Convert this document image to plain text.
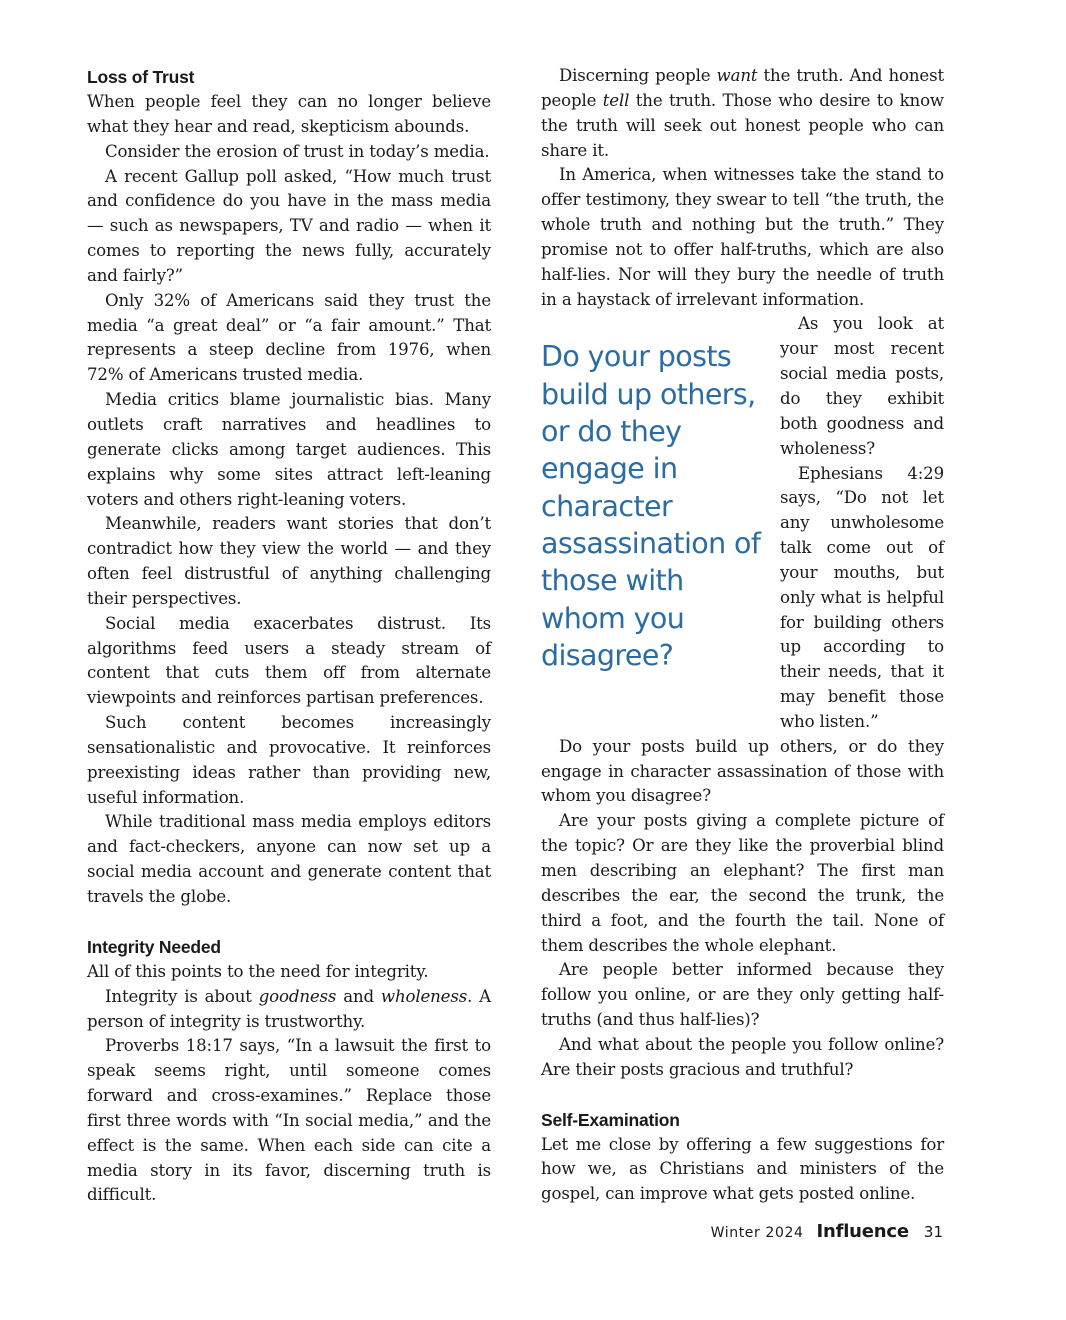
Loss of Trust

When people feel they can no longer believe what they hear and read, skepticism abounds.

Consider the erosion of trust in today’s media.

A recent Gallup poll asked, “How much trust and confidence do you have in the mass media — such as newspapers, TV and radio — when it comes to reporting the news fully, accurately and fairly?”

Only 32% of Americans said they trust the media “a great deal” or “a fair amount.” That represents a steep decline from 1976, when 72% of Americans trusted media.

Media critics blame journalistic bias. Many outlets craft narratives and headlines to generate clicks among target audiences. This explains why some sites attract left-leaning voters and others right-leaning voters.

Meanwhile, readers want stories that don’t contradict how they view the world — and they often feel distrustful of anything challenging their perspectives.

Social media exacerbates distrust. Its algorithms feed users a steady stream of content that cuts them off from alternate viewpoints and reinforces partisan preferences.

Such content becomes increasingly sensationalistic and provocative. It reinforces preexisting ideas rather than providing new, useful information.

While traditional mass media employs editors and fact-checkers, anyone can now set up a social media account and generate content that travels the globe.

Integrity Needed

All of this points to the need for integrity.

Integrity is about goodness and wholeness. A person of integrity is trustworthy.

Proverbs 18:17 says, “In a lawsuit the first to speak seems right, until someone comes forward and cross-examines.” Replace those first three words with “In social media,” and the effect is the same. When each side can cite a media story in its favor, discerning truth is difficult.

Discerning people want the truth. And honest people tell the truth. Those who desire to know the truth will seek out honest people who can share it.

In America, when witnesses take the stand to offer testimony, they swear to tell “the truth, the whole truth and nothing but the truth.” They promise not to offer half-truths, which are also half-lies. Nor will they bury the needle of truth in a haystack of irrelevant information.

Do your posts build up others, or do they engage in character assassination of those with whom you disagree?

As you look at your most recent social media posts, do they exhibit both goodness and wholeness?

Ephesians 4:29 says, “Do not let any unwholesome talk come out of your mouths, but only what is helpful for building others up according to their needs, that it may benefit those who listen.”

Do your posts build up others, or do they engage in character assassination of those with whom you disagree?

Are your posts giving a complete picture of the topic? Or are they like the proverbial blind men describing an elephant? The first man describes the ear, the second the trunk, the third a foot, and the fourth the tail. None of them describes the whole elephant.

Are people better informed because they follow you online, or are they only getting half-truths (and thus half-lies)?

And what about the people you follow online? Are their posts gracious and truthful?

Self-Examination

Let me close by offering a few suggestions for how we, as Christians and ministers of the gospel, can improve what gets posted online.

Winter 2024 Influence 31
